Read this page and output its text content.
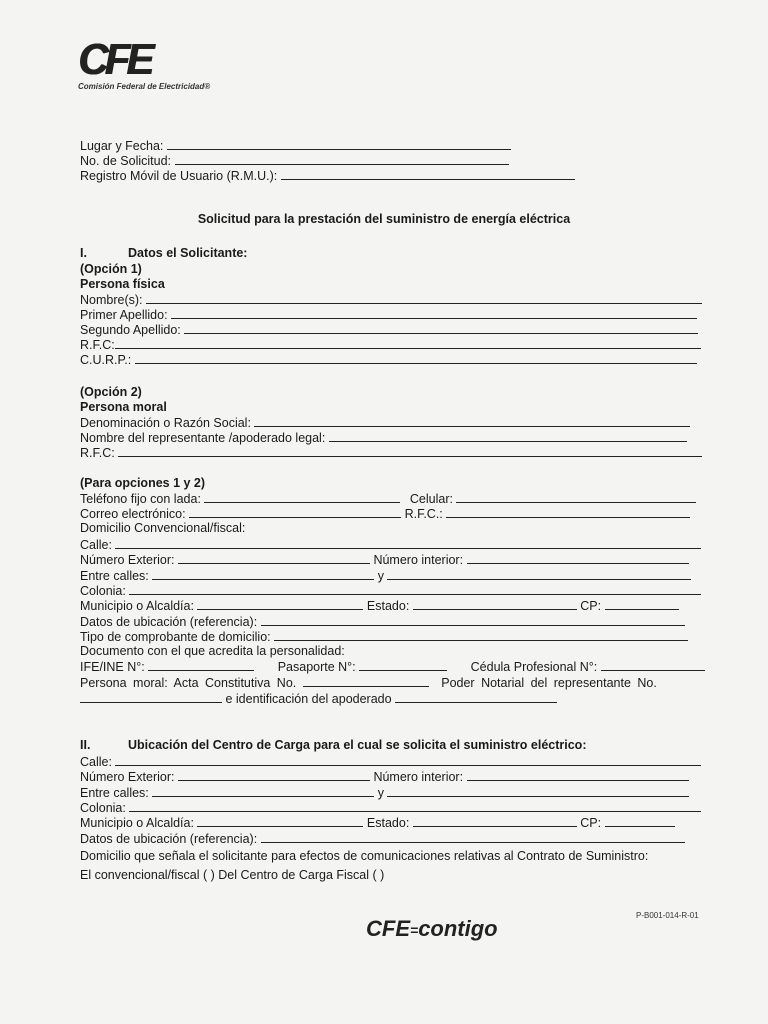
CFE
Comisión Federal de Electricidad®
Lugar y Fecha:
No. de Solicitud:
Registro Móvil de Usuario (R.M.U.):
Solicitud para la prestación del suministro de energía eléctrica
I.	Datos el Solicitante:
(Opción 1)
Persona física
Nombre(s):
Primer Apellido:
Segundo Apellido:
R.F.C:
C.U.R.P.:
(Opción 2)
Persona moral
Denominación o Razón Social:
Nombre del representante /apoderado legal:
R.F.C:
(Para opciones 1 y 2)
Teléfono fijo con lada:	Celular:
Correo electrónico:	R.F.C.:
Domicilio Convencional/fiscal:
Calle:
Número Exterior:	Número interior:
Entre calles:	y
Colonia:
Municipio o Alcaldía:	Estado:	CP:
Datos de ubicación (referencia):
Tipo de comprobante de domicilio:
Documento con el que acredita la personalidad:
IFE/INE N°:	Pasaporte N°:	Cédula Profesional N°:
Persona moral: Acta Constitutiva No.	Poder Notarial del representante No.
e identificación del apoderado
II.	Ubicación del Centro de Carga para el cual se solicita el suministro eléctrico:
Calle:
Número Exterior:	Número interior:
Entre calles:	y
Colonia:
Municipio o Alcaldía:	Estado:	CP:
Datos de ubicación (referencia):
Domicilio que señala el solicitante para efectos de comunicaciones relativas al Contrato de Suministro:
El convencional/fiscal ( ) Del Centro de Carga Fiscal ( )
P-B001-014-R-01
CFE=contigo
